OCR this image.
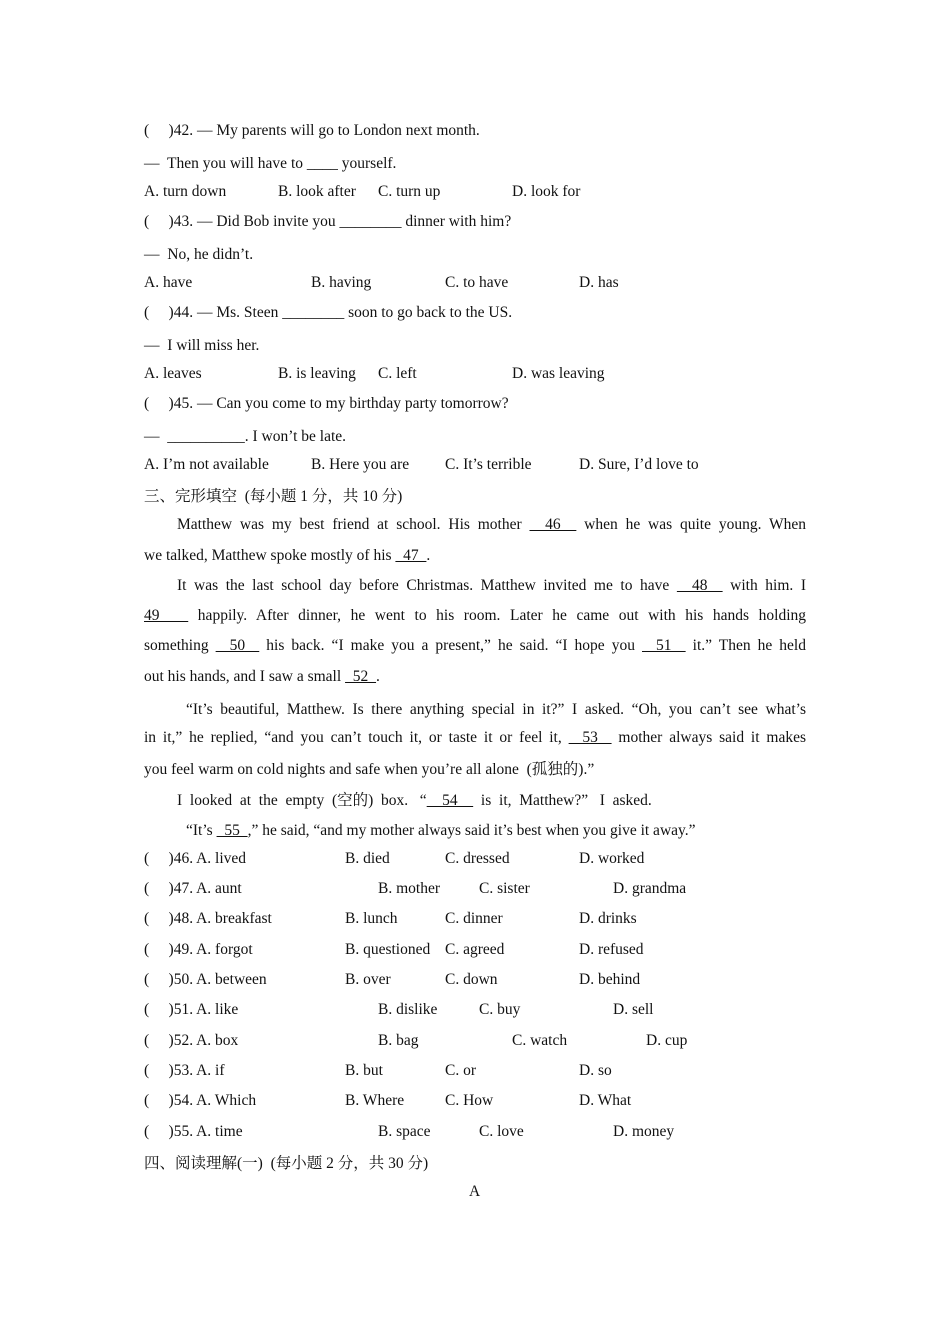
(     )42. — My parents will go to London next month.
—  Then you will have to ____ yourself.
A. turn down	B. look after C. turn up	D. look for
(     )43. — Did Bob invite you ________ dinner with him?
—  No, he didn’t.
A. have	B. having	C. to have	D. has
(     )44. — Ms. Steen ________ soon to go back to the US.
—  I will miss her.
A. leaves	B. is leaving C. left	D. was leaving
(     )45. — Can you come to my birthday party tomorrow?
—  __________. I won’t be late.
A. I’m not available	B. Here you are C. It’s terrible	D. Sure, I’d love to
三、完形填空  (每小题 1 分，共 10 分)
Matthew was my best friend at school. His mother   46   when he was quite young. When
we talked, Matthew spoke mostly of his   47  .
It was the last school day before Christmas. Matthew invited me to have   48   with him. I
49    happily. After dinner, he went to his room. Later he came out with his hands holding
something   50   his back. “I make you a present,” he said. “I hope you   51   it.” Then he held
out his hands, and I saw a small   52  .
“It’s beautiful, Matthew. Is there anything special in it?” I asked. “Oh, you can’t see what’s
in it,” he replied, “and you can’t touch it, or taste it or feel it,   53   mother always said it makes
you feel warm on cold nights and safe when you’re all alone  (孤独的).”
I  looked  at  the  empty  (空的)  box.   “    54      is  it,  Matthew?”   I  asked.
“It’s   55  ,” he said, “and my mother always said it’s best when you give it away.”
(     )46. A. lived	B. died	C. dressed	D. worked
(     )47. A. aunt	B. mother	C. sister	D. grandma
(     )48. A. breakfast	B. lunch	C. dinner	D. drinks
(     )49. A. forgot	B. questioned C. agreed	D. refused
(     )50. A. between	B. over	C. down	D. behind
(     )51. A. like	B. dislike	C. buy	D. sell
(     )52. A. box	B. bag	C. watch	D. cup
(     )53. A. if	B. but	C. or	D. so
(     )54. A. Which	B. Where	C. How	D. What
(     )55. A. time	B. space	C. love	D. money
四、阅读理解(一)  (每小题 2 分，共 30 分)
A
